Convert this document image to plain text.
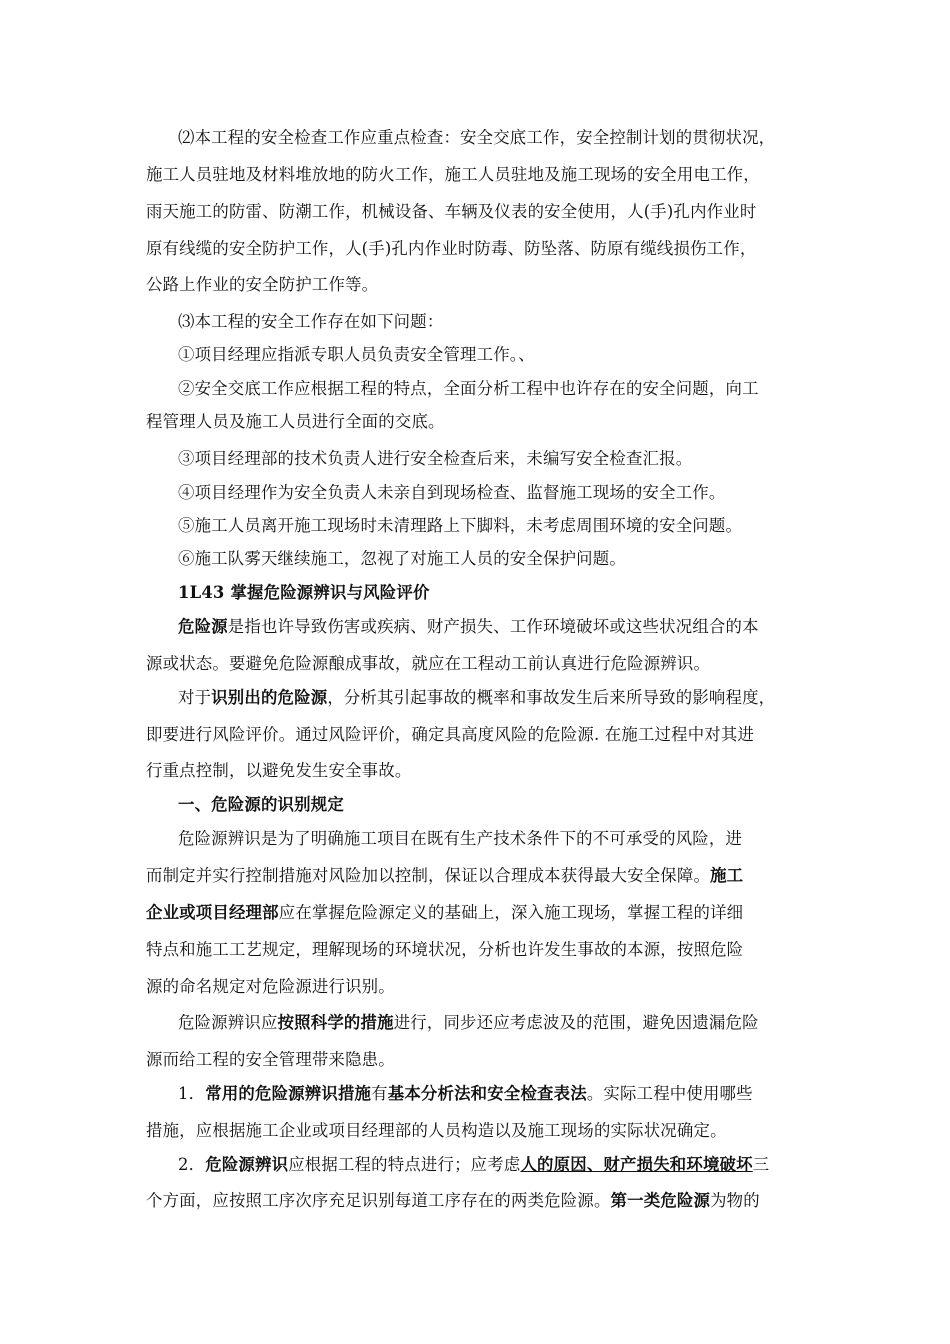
⑵本工程的安全检查工作应重点检查：安全交底工作，安全控制计划的贯彻状况，
施工人员驻地及材料堆放地的防火工作，施工人员驻地及施工现场的安全用电工作，
雨天施工的防雷、防潮工作，机械设备、车辆及仪表的安全使用，人(手)孔内作业时
原有线缆的安全防护工作，人(手)孔内作业时防毒、防坠落、防原有缆线损伤工作，
公路上作业的安全防护工作等。
⑶本工程的安全工作存在如下问题：
①项目经理应指派专职人员负责安全管理工作。、
②安全交底工作应根据工程的特点，全面分析工程中也许存在的安全问题，向工
程管理人员及施工人员进行全面的交底。
③项目经理部的技术负责人进行安全检查后来，未编写安全检查汇报。
④项目经理作为安全负责人未亲自到现场检查、监督施工现场的安全工作。
⑤施工人员离开施工现场时未清理路上下脚料，未考虑周围环境的安全问题。
⑥施工队雾天继续施工，忽视了对施工人员的安全保护问题。
1L43 掌握危险源辨识与风险评价
危险源是指也许导致伤害或疾病、财产损失、工作环境破坏或这些状况组合的本
源或状态。要避免危险源酿成事故，就应在工程动工前认真进行危险源辨识。
对于识别出的危险源，分析其引起事故的概率和事故发生后来所导致的影响程度，
即要进行风险评价。通过风险评价，确定具高度风险的危险源. 在施工过程中对其进
行重点控制，以避免发生安全事故。
一、危险源的识别规定
危险源辨识是为了明确施工项目在既有生产技术条件下的不可承受的风险，进
而制定并实行控制措施对风险加以控制，保证以合理成本获得最大安全保障。施工
企业或项目经理部应在掌握危险源定义的基础上，深入施工现场，掌握工程的详细
特点和施工工艺规定，理解现场的环境状况，分析也许发生事故的本源，按照危险
源的命名规定对危险源进行识别。
危险源辨识应按照科学的措施进行，同步还应考虑波及的范围，避免因遗漏危险
源而给工程的安全管理带来隐患。
1．常用的危险源辨识措施有基本分析法和安全检查表法。实际工程中使用哪些
措施，应根据施工企业或项目经理部的人员构造以及施工现场的实际状况确定。
2．危险源辨识应根据工程的特点进行；应考虑人的原因、财产损失和环境破坏三
个方面，应按照工序次序充足识别每道工序存在的两类危险源。第一类危险源为物的
